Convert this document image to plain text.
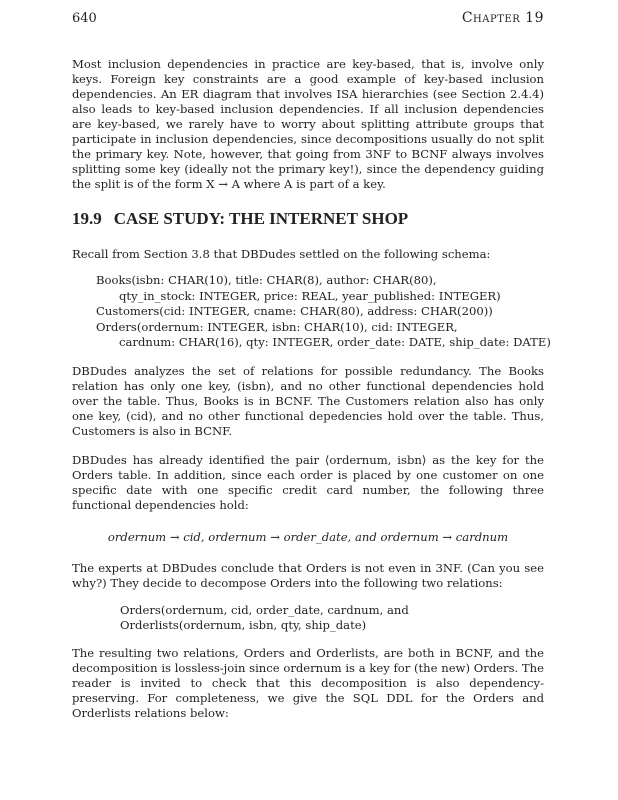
640	Chapter 19

Most inclusion dependencies in practice are key-based, that is, involve only keys. Foreign key constraints are a good example of key-based inclusion dependencies. An ER diagram that involves ISA hierarchies (see Section 2.4.4) also leads to key-based inclusion dependencies. If all inclusion dependencies are key-based, we rarely have to worry about splitting attribute groups that participate in inclusion dependencies, since decompositions usually do not split the primary key. Note, however, that going from 3NF to BCNF always involves splitting some key (ideally not the primary key!), since the dependency guiding the split is of the form X → A where A is part of a key.

19.9 CASE STUDY: THE INTERNET SHOP

Recall from Section 3.8 that DBDudes settled on the following schema:

Books(isbn: CHAR(10), title: CHAR(8), author: CHAR(80),
qty_in_stock: INTEGER, price: REAL, year_published: INTEGER)
Customers(cid: INTEGER, cname: CHAR(80), address: CHAR(200))
Orders(ordernum: INTEGER, isbn: CHAR(10), cid: INTEGER,
cardnum: CHAR(16), qty: INTEGER, order_date: DATE, ship_date: DATE)

DBDudes analyzes the set of relations for possible redundancy. The Books relation has only one key, (isbn), and no other functional dependencies hold over the table. Thus, Books is in BCNF. The Customers relation also has only one key, (cid), and no other functional depedencies hold over the table. Thus, Customers is also in BCNF.

DBDudes has already identified the pair ⟨ordernum, isbn⟩ as the key for the Orders table. In addition, since each order is placed by one customer on one specific date with one specific credit card number, the following three functional dependencies hold:

ordernum → cid, ordernum → order_date, and ordernum → cardnum

The experts at DBDudes conclude that Orders is not even in 3NF. (Can you see why?) They decide to decompose Orders into the following two relations:

Orders(ordernum, cid, order_date, cardnum, and
Orderlists(ordernum, isbn, qty, ship_date)

The resulting two relations, Orders and Orderlists, are both in BCNF, and the decomposition is lossless-join since ordernum is a key for (the new) Orders. The reader is invited to check that this decomposition is also dependency-preserving. For completeness, we give the SQL DDL for the Orders and Orderlists relations below:
